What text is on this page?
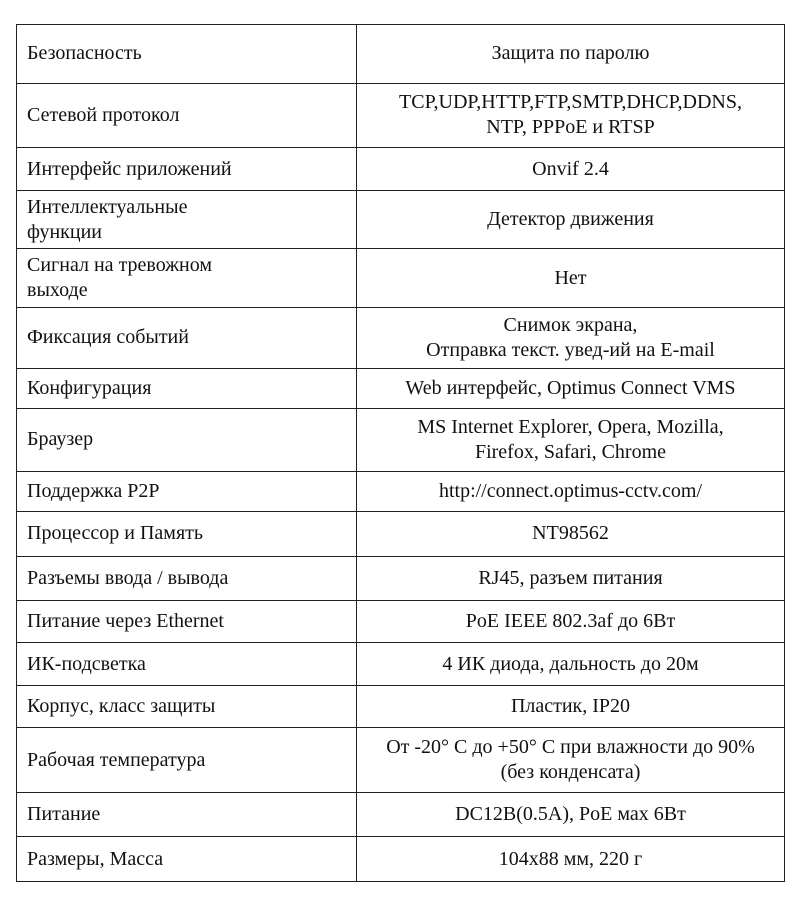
Безопасность	Защита по паролю
Сетевой протокол	TCP,UDP,HTTP,FTP,SMTP,DHCP,DDNS,
NTP, PPPoE и RTSP
Интерфейс приложений	Onvif 2.4
Интеллектуальные
функции	Детектор движения
Сигнал на тревожном
выходе	Нет
Фиксация событий	Снимок экрана,
Отправка текст. увед-ий на E-mail
Конфигурация	Web интерфейс, Optimus Connect VMS
Браузер	MS Internet Explorer, Opera, Mozilla,
Firefox, Safari, Chrome
Поддержка P2P	http://connect.optimus-cctv.com/
Процессор и Память	NT98562
Разъемы ввода / вывода	RJ45, разъем питания
Питание через Ethernet	PoE IEEE 802.3af до 6Вт
ИК-подсветка	4 ИК диода, дальность до 20м
Корпус, класс защиты	Пластик, IP20
Рабочая температура	От -20° С до +50° С при влажности до 90%
(без конденсата)
Питание	DC12В(0.5А), PoE мах 6Вт
Размеры, Масса	104x88 мм, 220 г
